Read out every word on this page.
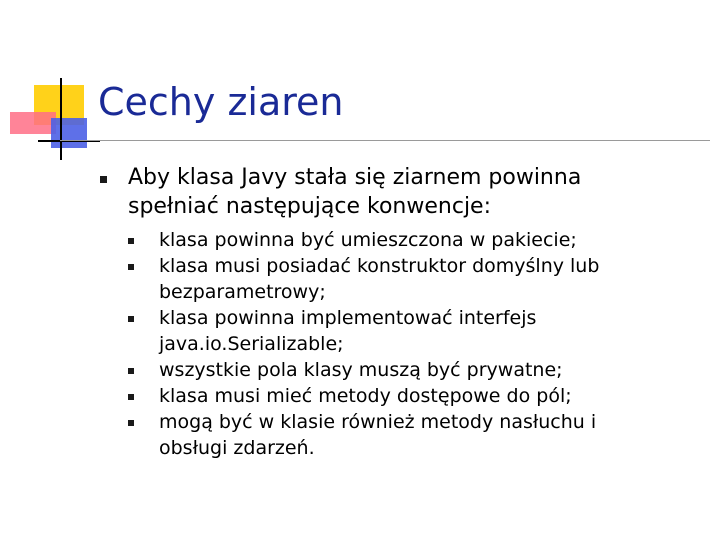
Cechy ziaren
Aby klasa Javy stała się ziarnem powinna spełniać następujące konwencje:
klasa powinna być umieszczona w pakiecie;
klasa musi posiadać konstruktor domyślny lub bezparametrowy;
klasa powinna implementować interfejs java.io.Serializable;
wszystkie pola klasy muszą być prywatne;
klasa musi mieć metody dostępowe do pól;
mogą być w klasie również metody nasłuchu i obsługi zdarzeń.
